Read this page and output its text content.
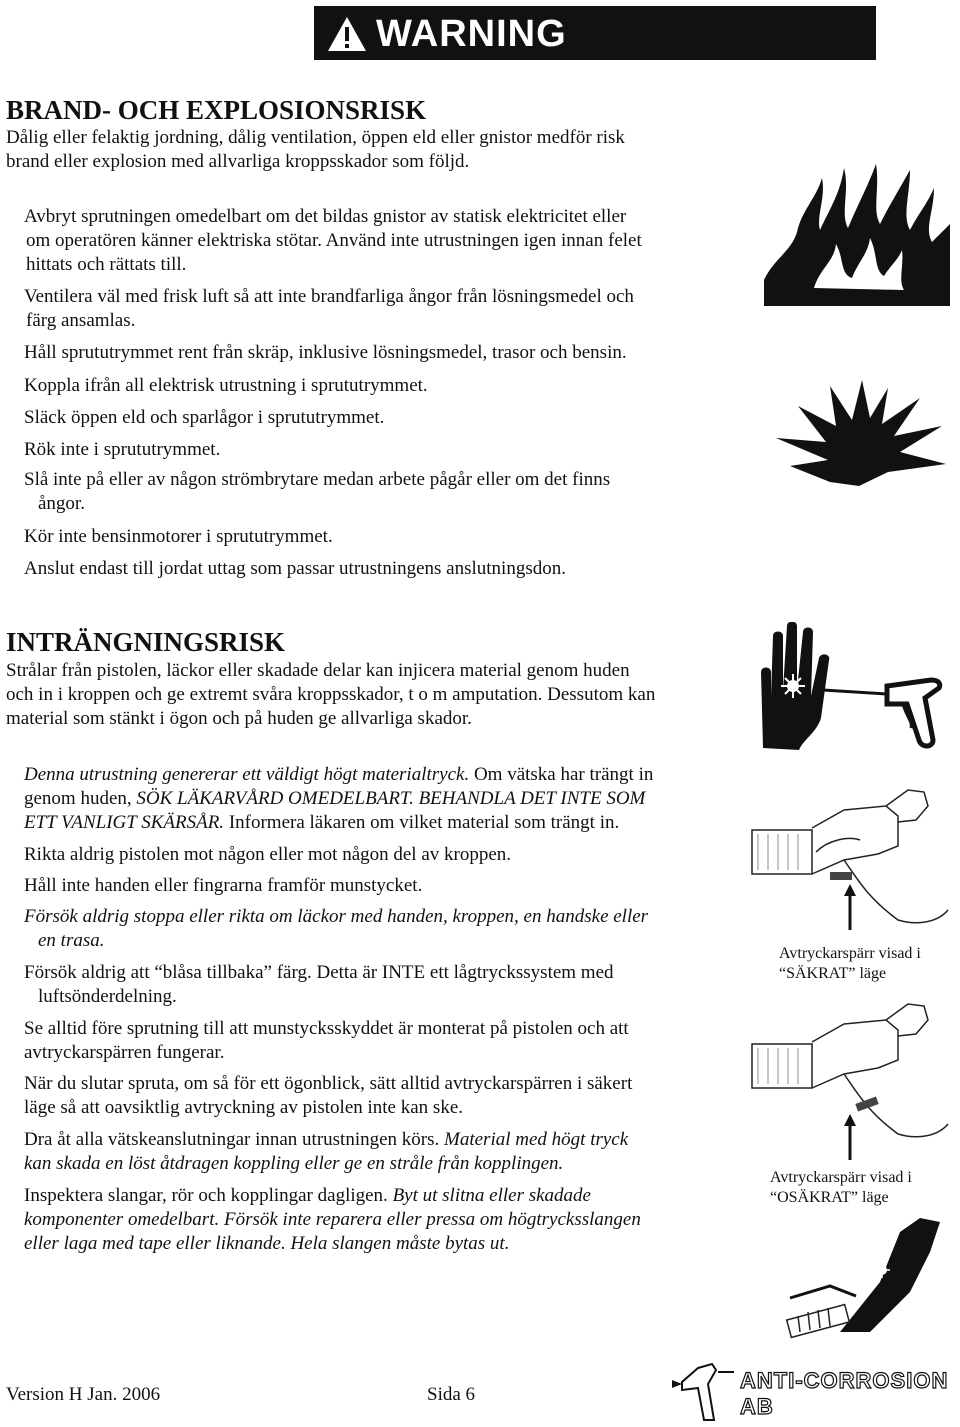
WARNING
BRAND- OCH EXPLOSIONSRISK
Dålig eller felaktig jordning, dålig ventilation, öppen eld eller gnistor medför risk
brand eller explosion med allvarliga kroppsskador som följd.
Avbryt sprutningen omedelbart om det bildas gnistor av statisk elektricitet eller
om operatören känner elektriska stötar. Använd inte utrustningen igen innan felet
hittats och rättats till.
Ventilera väl med frisk luft så att inte brandfarliga ångor från lösningsmedel och
färg ansamlas.
Håll sprututrymmet rent från skräp, inklusive lösningsmedel, trasor och bensin.
Koppla ifrån all elektrisk utrustning i sprututrymmet.
Släck öppen eld och sparlågor i sprututrymmet.
Rök inte i sprututrymmet.
Slå inte på eller av någon strömbrytare medan arbete pågår eller om det finns
ångor.
Kör inte bensinmotorer i sprututrymmet.
Anslut endast till jordat uttag som passar utrustningens anslutningsdon.
INTRÄNGNINGSRISK
Strålar från pistolen, läckor eller skadade delar kan injicera material genom huden
och in i kroppen och ge extremt svåra kroppsskador, t o m amputation. Dessutom kan
material som stänkt i ögon och på huden ge allvarliga skador.
Denna utrustning genererar ett väldigt högt materialtryck. Om vätska har trängt in
genom huden, SÖK LÄKARVÅRD OMEDELBART. BEHANDLA DET INTE SOM
ETT VANLIGT SKÄRSÅR. Informera läkaren om vilket material som trängt in.
Rikta aldrig pistolen mot någon eller mot någon del av kroppen.
Håll inte handen eller fingrarna framför munstycket.
Försök aldrig stoppa eller rikta om läckor med handen, kroppen, en handske eller
en trasa.
Försök aldrig att “blåsa tillbaka” färg. Detta är INTE ett lågtryckssystem med
luftsönderdelning.
Se alltid före sprutning till att munstycksskyddet är monterat på pistolen och att
avtryckarspärren fungerar.
När du slutar spruta, om så för ett ögonblick, sätt alltid avtryckarspärren i säkert
läge så att oavsiktlig avtryckning av pistolen inte kan ske.
Dra åt alla vätskeanslutningar innan utrustningen körs. Material med högt tryck
kan skada en löst åtdragen koppling eller ge en stråle från kopplingen.
Inspektera slangar, rör och kopplingar dagligen. Byt ut slitna eller skadade
komponenter omedelbart. Försök inte reparera eller pressa om högtrycksslangen
eller laga med tape eller liknande. Hela slangen måste bytas ut.
Avtryckarspärr visad i
“SÄKRAT” läge
Avtryckarspärr visad i
“OSÄKRAT” läge
Version H Jan. 2006	Sida 6
ANTI-CORROSION AB
